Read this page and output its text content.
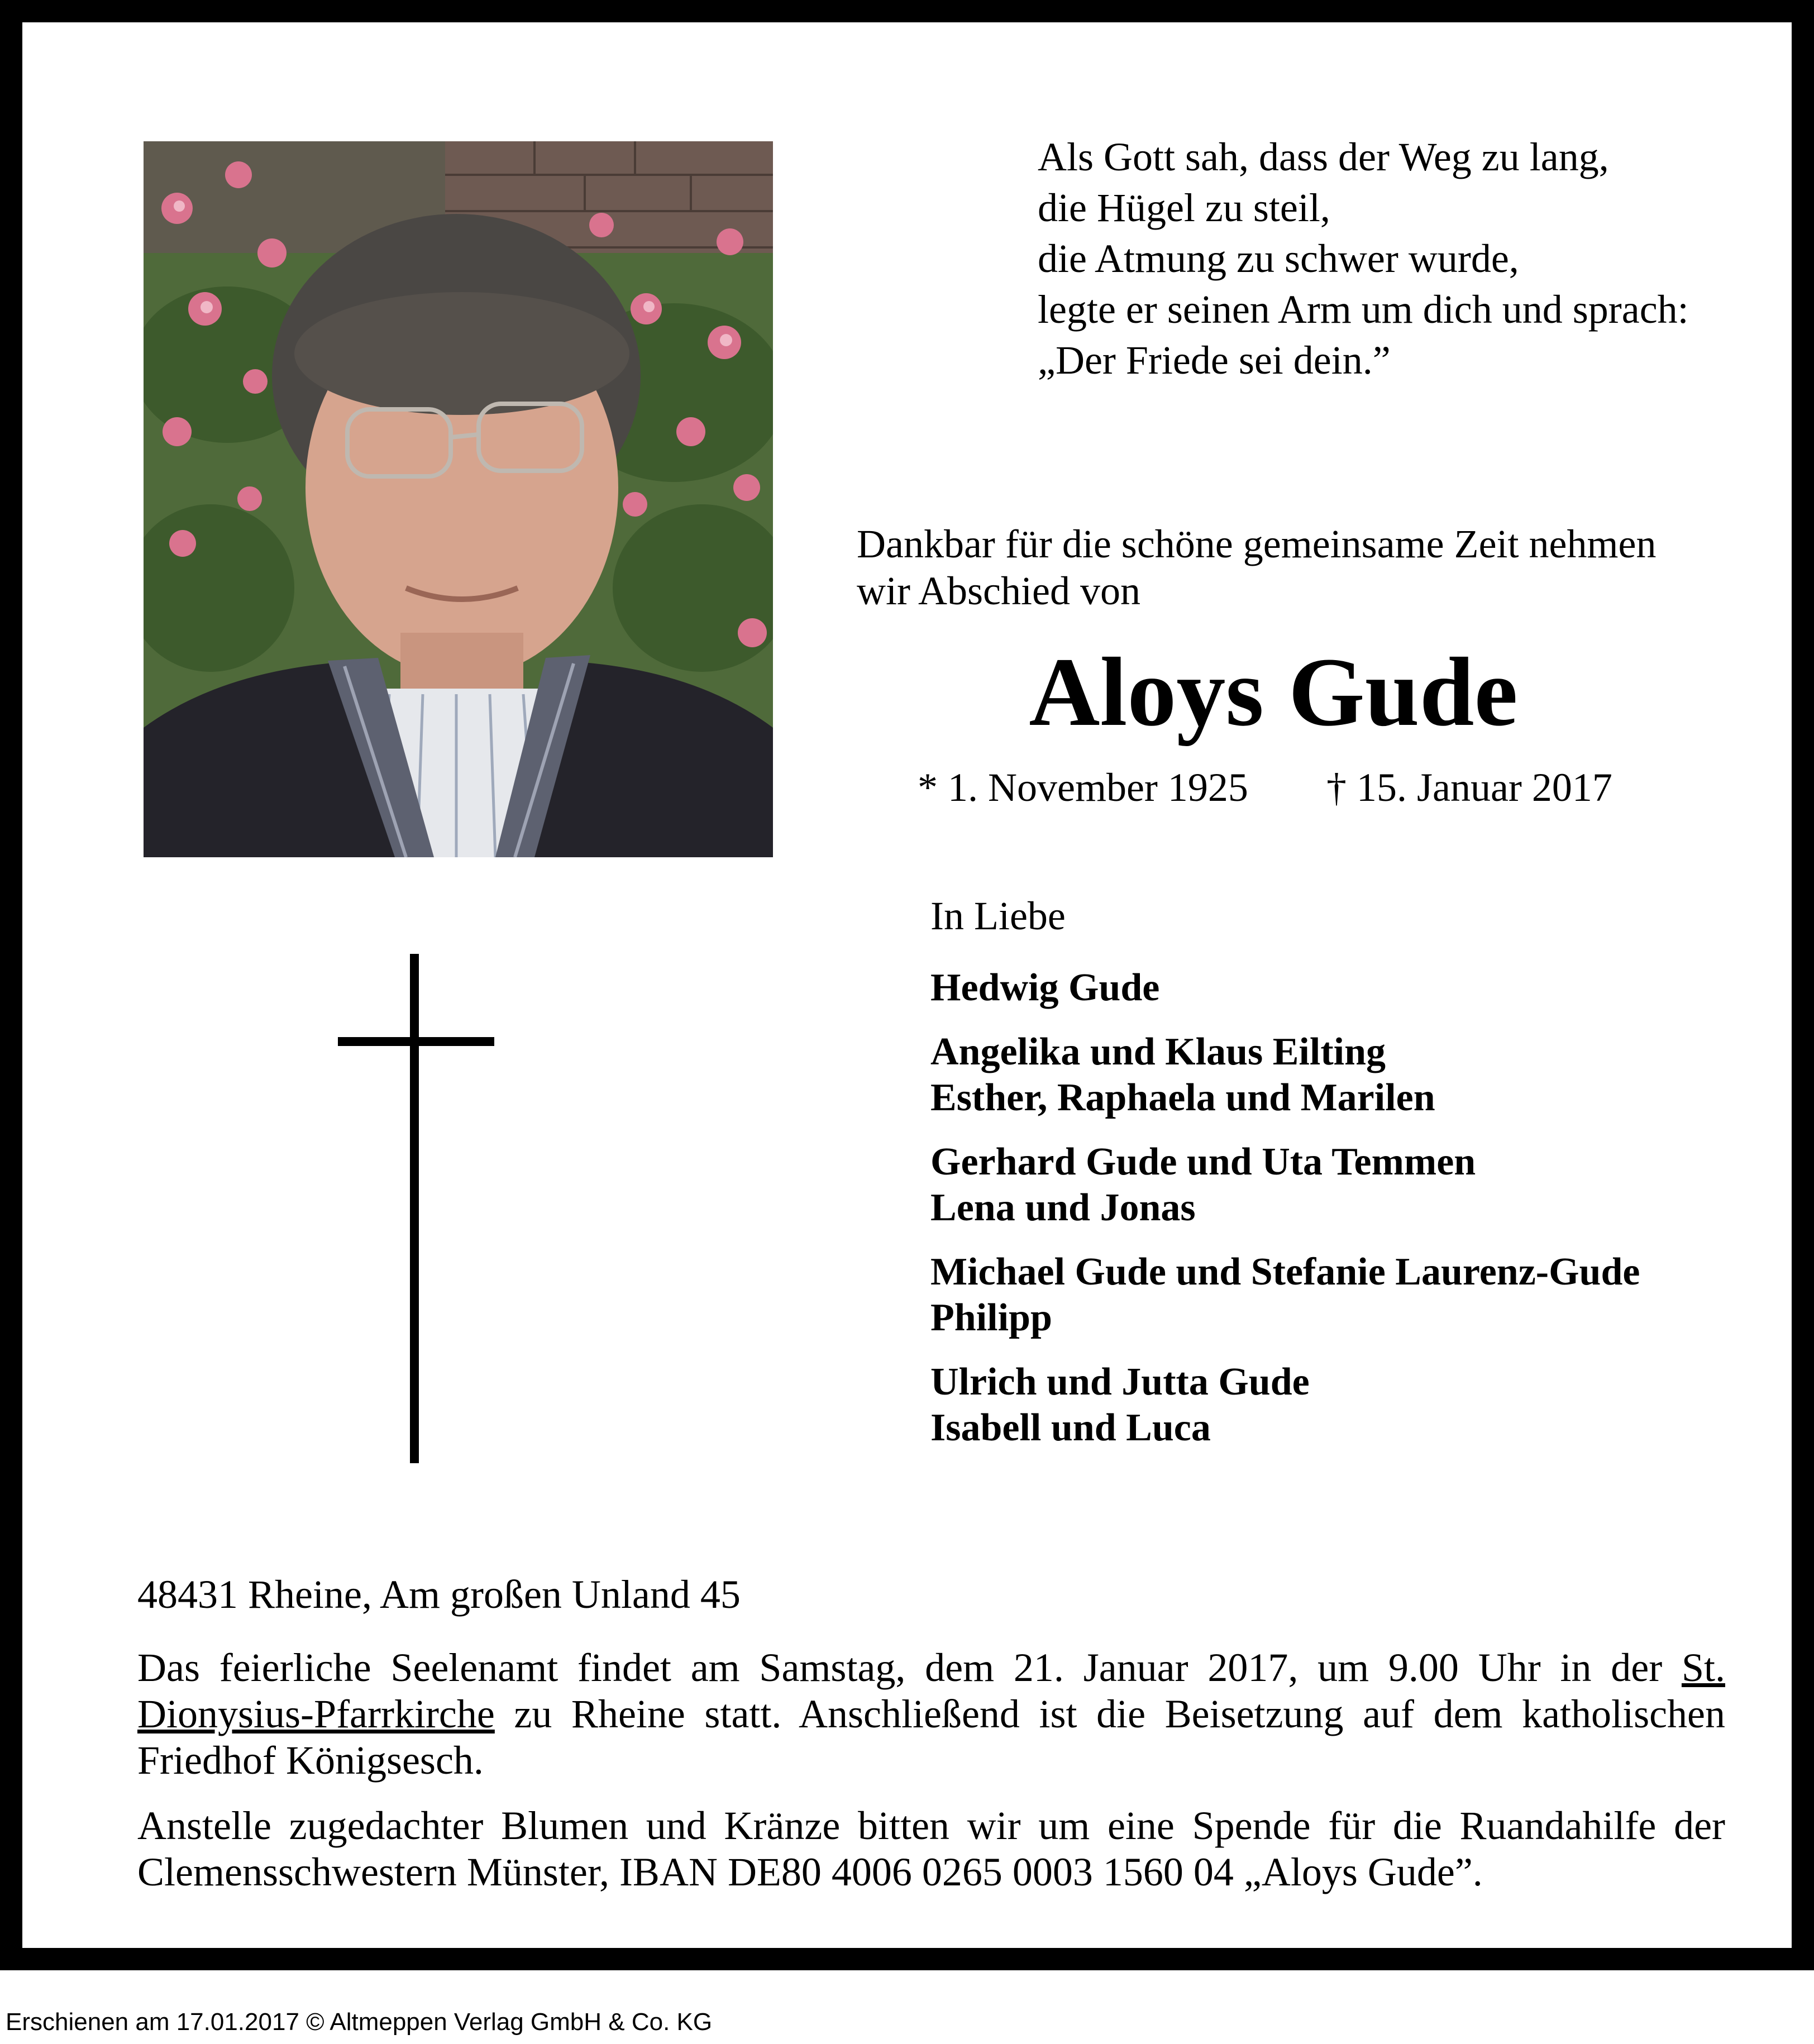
Als Gott sah, dass der Weg zu lang,
die Hügel zu steil,
die Atmung zu schwer wurde,
legte er seinen Arm um dich und sprach:
„Der Friede sei dein.”
Dankbar für die schöne gemeinsame Zeit nehmen
wir Abschied von
Aloys Gude
* 1. November 1925 † 15. Januar 2017
In Liebe
Hedwig Gude
Angelika und Klaus Eilting
Esther, Raphaela und Marilen
Gerhard Gude und Uta Temmen
Lena und Jonas
Michael Gude und Stefanie Laurenz-Gude
Philipp
Ulrich und Jutta Gude
Isabell und Luca
48431 Rheine, Am großen Unland 45
Das feierliche Seelenamt findet am Samstag, dem 21. Januar 2017, um 9.00 Uhr in der St. Dionysius-Pfarrkirche zu Rheine statt. Anschließend ist die Beisetzung auf dem katholischen Friedhof Königsesch.
Anstelle zugedachter Blumen und Kränze bitten wir um eine Spende für die Ruandahilfe der Clemensschwestern Münster, IBAN DE80 4006 0265 0003 1560 04 „Aloys Gude”.
Erschienen am 17.01.2017 © Altmeppen Verlag GmbH & Co. KG
